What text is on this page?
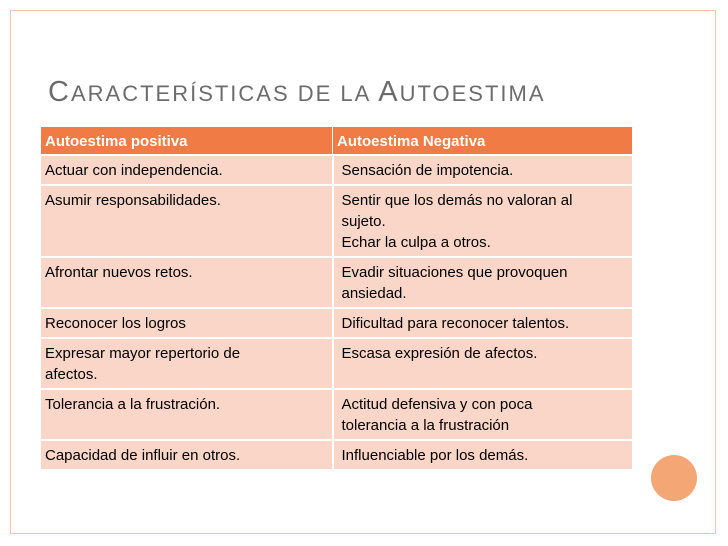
CARACTERÍSTICAS DE LA AUTOESTIMA
Autoestima positiva	Autoestima Negativa

Actuar con independencia.	Sensación de impotencia.

Asumir responsabilidades.	Sentir que los demás no valoran al
sujeto.
Echar la culpa a otros.

Afrontar nuevos retos.	Evadir situaciones que provoquen
ansiedad.

Reconocer los logros	Dificultad para reconocer talentos.

Expresar mayor repertorio de
afectos.	Escasa expresión de afectos.

Tolerancia a la frustración.	Actitud defensiva y con poca
tolerancia a la frustración

Capacidad de influir en otros.	Influenciable por los demás.
